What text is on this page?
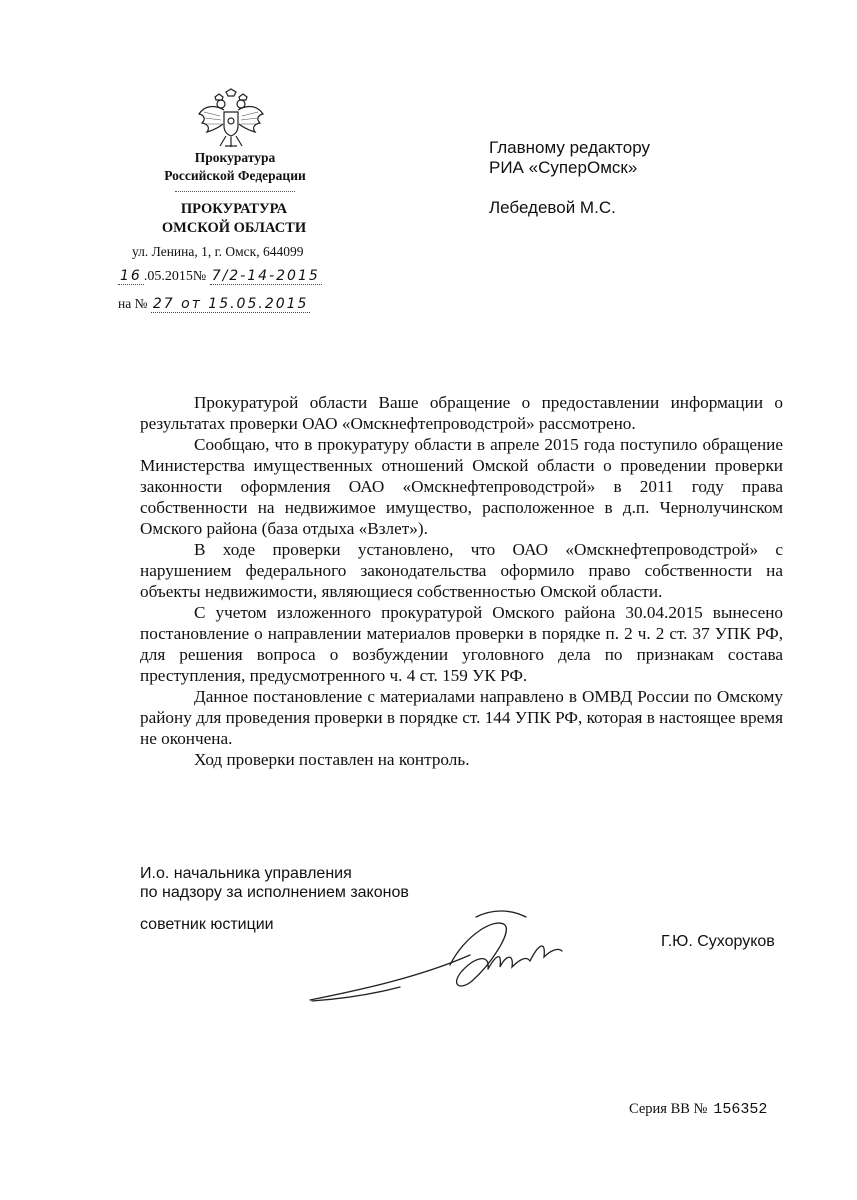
Прокуратура
Российской Федерации
ПРОКУРАТУРА
ОМСКОЙ ОБЛАСТИ
ул. Ленина, 1, г. Омск, 644099
16 .05.2015№ 7/2-14-2015
на № 27 от 15.05.2015
Главному редактору
РИА «СуперОмск»
Лебедевой М.С.

Прокуратурой области Ваше обращение о предоставлении информации о результатах проверки ОАО «Омскнефтепроводстрой» рассмотрено.

Сообщаю, что в прокуратуру области в апреле 2015 года поступило обращение Министерства имущественных отношений Омской области о проведении проверки законности оформления ОАО «Омскнефтепроводстрой» в 2011 году права собственности на недвижимое имущество, расположенное в д.п. Чернолучинском Омского района (база отдыха «Взлет»).

В ходе проверки установлено, что ОАО «Омскнефтепроводстрой» с нарушением федерального законодательства оформило право собственности на объекты недвижимости, являющиеся собственностью Омской области.

С учетом изложенного прокуратурой Омского района 30.04.2015 вынесено постановление о направлении материалов проверки в порядке п. 2 ч. 2 ст. 37 УПК РФ, для решения вопроса о возбуждении уголовного дела по признакам состава преступления, предусмотренного ч. 4 ст. 159 УК РФ.

Данное постановление с материалами направлено в ОМВД России по Омскому району для проведения проверки в порядке ст. 144 УПК РФ, которая в настоящее время не окончена.

Ход проверки поставлен на контроль.

И.о. начальника управления
по надзору за исполнением законов
советник юстиции
Г.Ю. Сухоруков
Серия ВВ № 156352
